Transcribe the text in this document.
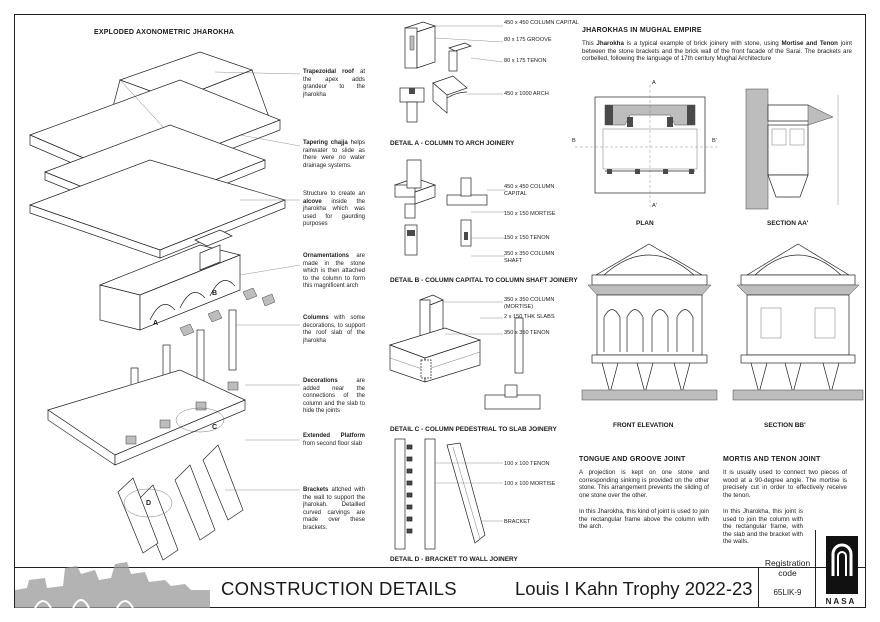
EXPLODED AXONOMETRIC JHAROKHA
A
B
C
D
Trapezoidal roof at the apex adds grandeur to the jharokha
Tapering chajja helps rainwater to slide as there were no water drainage systems.
Structure to create an alcove inside the jharokha which was used for gaurding purposes
Ornamentations are made in the stone which is then attached to the column to form this magnificent arch
Columns with some decorations, to support the roof slab of the jharokha
Decorations are added near the connections of the column and the slab to hide the joints
Extended Platform from second floor slab
Brackets attched with the wall to support the jharokah. Detailled curved carvings are made over these brackets.
450 x 450 COLUMN CAPITAL
80 x 175 GROOVE
80 x 175 TENON
450 x 1000 ARCH
DETAIL A - COLUMN TO ARCH JOINERY
450 x 450 COLUMN CAPITAL
150 x 150 MORTISE
150 x 150 TENON
350 x 350 COLUMN SHAFT
DETAIL B - COLUMN CAPITAL TO COLUMN SHAFT JOINERY
350 x 350 COLUMN (MORTISE)
2 x 150 THK SLABS
350 x 350 TENON
DETAIL C - COLUMN PEDESTRIAL TO SLAB JOINERY
100 x 100 TENON
100 x 100 MORTISE
BRACKET
DETAIL D - BRACKET TO WALL JOINERY
JHAROKHAS IN MUGHAL EMPIRE
This Jharokha is a typical example of brick joinery with stone, using Mortise and Tenon joint between the stone brackets and the brick wall of the front facade of the Sarai. The brackets are corbelled, following the language of 17th century Mughal Architecture
A
A'
B	B'
PLAN	SECTION AA'
FRONT ELEVATION	SECTION BB'
TONGUE AND GROOVE JOINT
A projection is kept on one stone and corresponding sinking is provided on the other stone. This arrangement prevents the sliding of one stone over the other.
In this Jharokha, this kind of joint is used to join the rectangular frame above the column with the arch.
MORTIS AND TENON JOINT
It is usually used to connect two pieces of wood at a 90-degree angle. The mortise is precisely cut in order to effectively receive the tenon.
In this Jharokha, this joint is used to join the column with the rectangular frame, with the slab and the bracket with the walls.
CONSTRUCTION DETAILS	Louis I Kahn Trophy 2022-23
Registration code
65LIK-9
NASA
